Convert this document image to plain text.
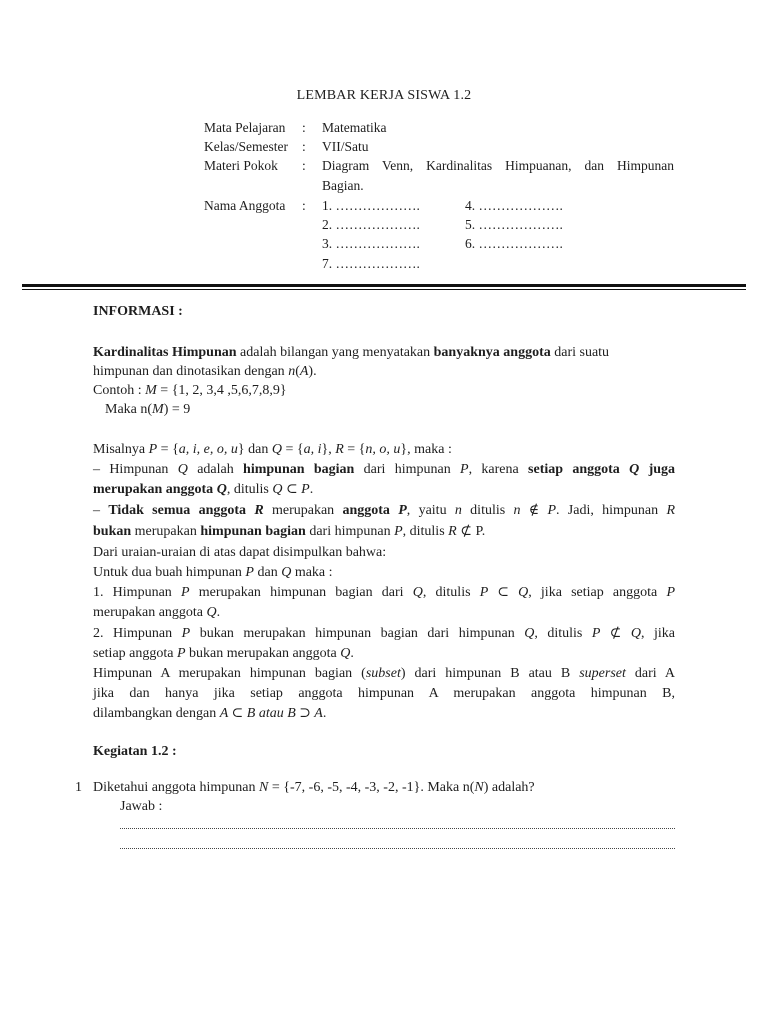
LEMBAR KERJA SISWA 1.2
Mata Pelajaran : Matematika
Kelas/Semester : VII/Satu
Materi Pokok : Diagram Venn, Kardinalitas Himpuanan, dan Himpunan
Bagian.
Nama Anggota : 1. ……………….
2. ……………….
3. ……………….
4. ……………….
5. ……………….
6. ……………….
7. ……………….
INFORMASI :
Kardinalitas Himpunan adalah bilangan yang menyatakan banyaknya anggota dari suatu
himpunan dan dinotasikan dengan n(A).
Contoh : M = {1, 2, 3,4 ,5,6,7,8,9}
Maka n(M) = 9
Misalnya P = {a, i, e, o, u} dan Q = {a, i}, R = {n, o, u}, maka :
– Himpunan Q adalah himpunan bagian dari himpunan P, karena setiap anggota Q juga
merupakan anggota Q, ditulis Q ⊂ P.
– Tidak semua anggota R merupakan anggota P, yaitu n ditulis n ∉ P. Jadi, himpunan R
bukan merupakan himpunan bagian dari himpunan P, ditulis R ⊄ P.
Dari uraian-uraian di atas dapat disimpulkan bahwa:
Untuk dua buah himpunan P dan Q maka :
1. Himpunan P merupakan himpunan bagian dari Q, ditulis P ⊂ Q, jika setiap anggota P
merupakan anggota Q.
2. Himpunan P bukan merupakan himpunan bagian dari himpunan Q, ditulis P ⊄ Q, jika
setiap anggota P bukan merupakan anggota Q.
Himpunan A merupakan himpunan bagian (subset) dari himpunan B atau B superset dari A
jika dan hanya jika setiap anggota himpunan A merupakan anggota himpunan B,
dilambangkan dengan A ⊂ B atau B ⊃ A.
Kegiatan 1.2 :
1 Diketahui anggota himpunan N = {-7, -6, -5, -4, -3, -2, -1}. Maka n(N) adalah?
Jawab :
